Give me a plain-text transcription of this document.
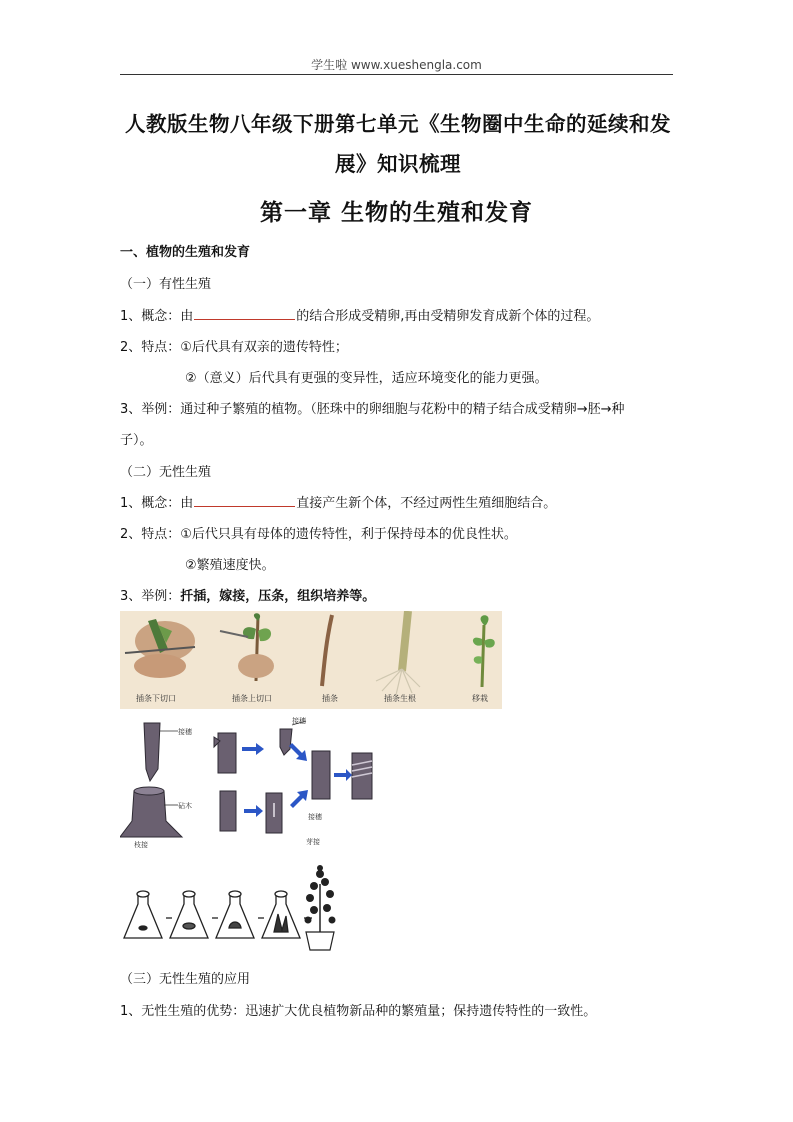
学生啦 www.xueshengla.com
人教版生物八年级下册第七单元《生物圈中生命的延续和发
展》知识梳理
第一章 生物的生殖和发育
一、植物的生殖和发育
（一）有性生殖
1、概念：由	的结合形成受精卵,再由受精卵发育成新个体的过程。
2、特点：①后代具有双亲的遗传特性；
②（意义）后代具有更强的变异性，适应环境变化的能力更强。
3、举例：通过种子繁殖的植物。（胚珠中的卵细胞与花粉中的精子结合成受精卵→胚→种
子）。
（二）无性生殖
1、概念：由	直接产生新个体，不经过两性生殖细胞结合。
2、特点：①后代只具有母体的遗传特性，利于保持母本的优良性状。
②繁殖速度快。
3、举例：扦插，嫁接，压条，组织培养等。
插条下切口	插条上切口	插条	插条生根	移栽
接穗
接穗
砧木
枝接	芽接
接穗
（三）无性生殖的应用
1、无性生殖的优势：迅速扩大优良植物新品种的繁殖量；保持遗传特性的一致性。
